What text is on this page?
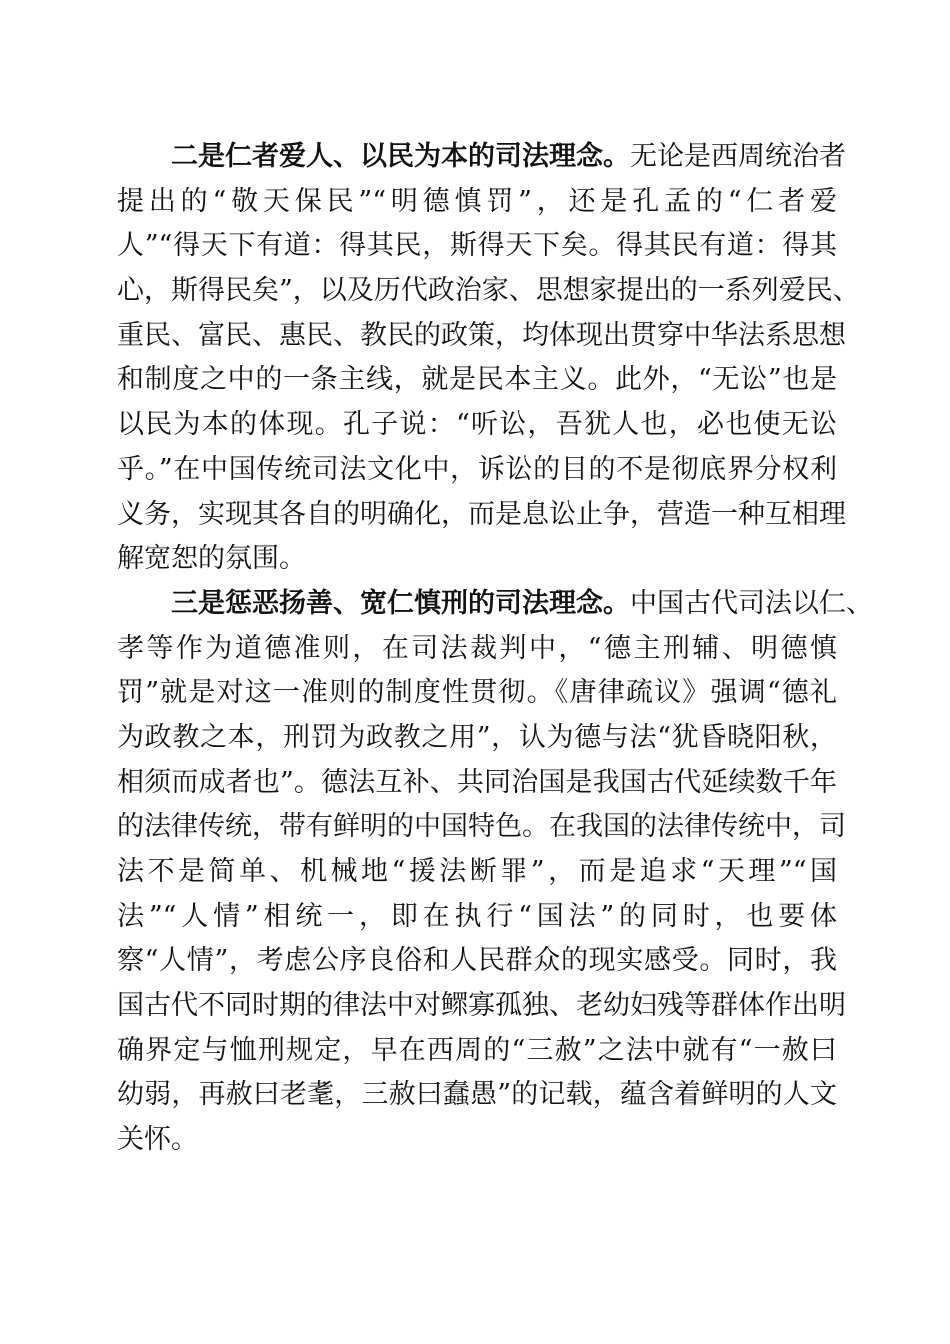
二是仁者爱人、以民为本的司法理念。无论是西周统治者
提出的“敬天保民”“明德慎罚”，还是孔孟的“仁者爱
人”“得天下有道：得其民，斯得天下矣。得其民有道：得其
心，斯得民矣”，以及历代政治家、思想家提出的一系列爱民、
重民、富民、惠民、教民的政策，均体现出贯穿中华法系思想
和制度之中的一条主线，就是民本主义。此外，“无讼”也是
以民为本的体现。孔子说：“听讼，吾犹人也，必也使无讼
乎。”在中国传统司法文化中，诉讼的目的不是彻底界分权利
义务，实现其各自的明确化，而是息讼止争，营造一种互相理
解宽恕的氛围。
三是惩恶扬善、宽仁慎刑的司法理念。中国古代司法以仁、
孝等作为道德准则，在司法裁判中，“德主刑辅、明德慎
罚”就是对这一准则的制度性贯彻。《唐律疏议》强调“德礼
为政教之本，刑罚为政教之用”，认为德与法“犹昏晓阳秋，
相须而成者也”。德法互补、共同治国是我国古代延续数千年
的法律传统，带有鲜明的中国特色。在我国的法律传统中，司
法不是简单、机械地“援法断罪”，而是追求“天理”“国
法”“人情”相统一，即在执行“国法”的同时，也要体
察“人情”，考虑公序良俗和人民群众的现实感受。同时，我
国古代不同时期的律法中对鳏寡孤独、老幼妇残等群体作出明
确界定与恤刑规定，早在西周的“三赦”之法中就有“一赦曰
幼弱，再赦曰老耄，三赦曰蠢愚”的记载，蕴含着鲜明的人文
关怀。
